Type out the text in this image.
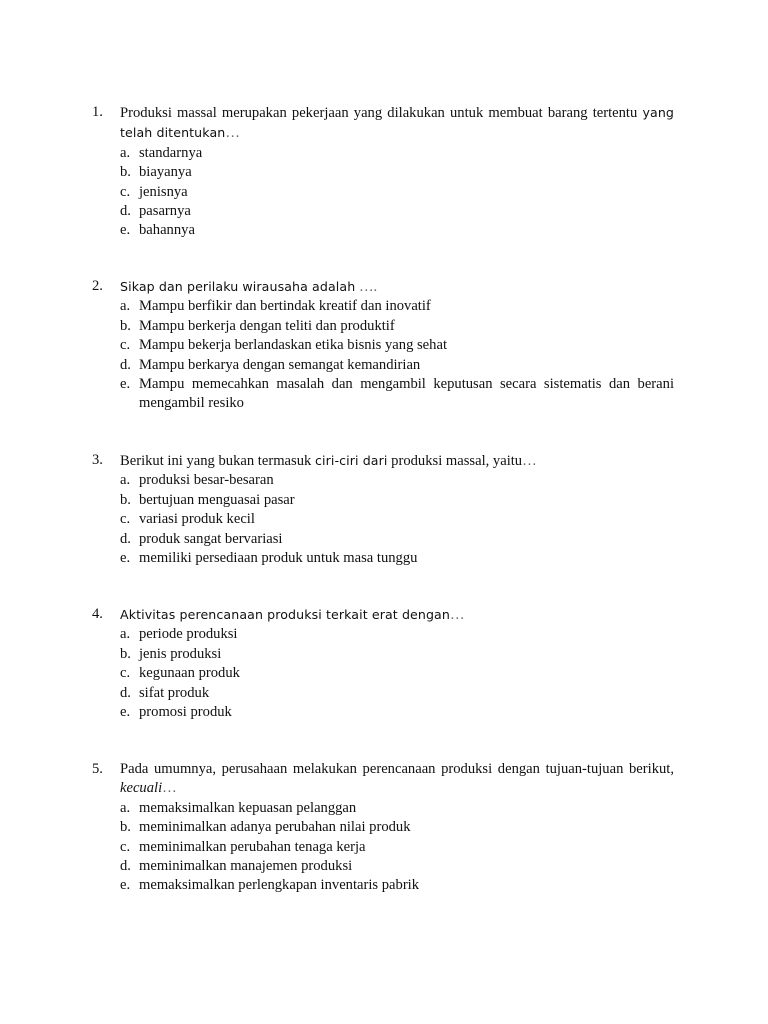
1. Produksi massal merupakan pekerjaan yang dilakukan untuk membuat barang tertentu yang telah ditentukan…
a. standarnya
b. biayanya
c. jenisnya
d. pasarnya
e. bahannya
2. Sikap dan perilaku wirausaha adalah ….
a. Mampu berfikir dan bertindak kreatif dan inovatif
b. Mampu berkerja dengan teliti dan produktif
c. Mampu bekerja berlandaskan etika bisnis yang sehat
d. Mampu berkarya dengan semangat kemandirian
e. Mampu memecahkan masalah dan mengambil keputusan secara sistematis dan berani mengambil resiko
3. Berikut ini yang bukan termasuk ciri-ciri dari produksi massal, yaitu…
a. produksi besar-besaran
b. bertujuan menguasai pasar
c. variasi produk kecil
d. produk sangat bervariasi
e. memiliki persediaan produk untuk masa tunggu
4. Aktivitas perencanaan produksi terkait erat dengan…
a. periode produksi
b. jenis produksi
c. kegunaan produk
d. sifat produk
e. promosi produk
5. Pada umumnya, perusahaan melakukan perencanaan produksi dengan tujuan-tujuan berikut, kecuali…
a. memaksimalkan kepuasan pelanggan
b. meminimalkan adanya perubahan nilai produk
c. meminimalkan perubahan tenaga kerja
d. meminimalkan manajemen produksi
e. memaksimalkan perlengkapan inventaris pabrik
